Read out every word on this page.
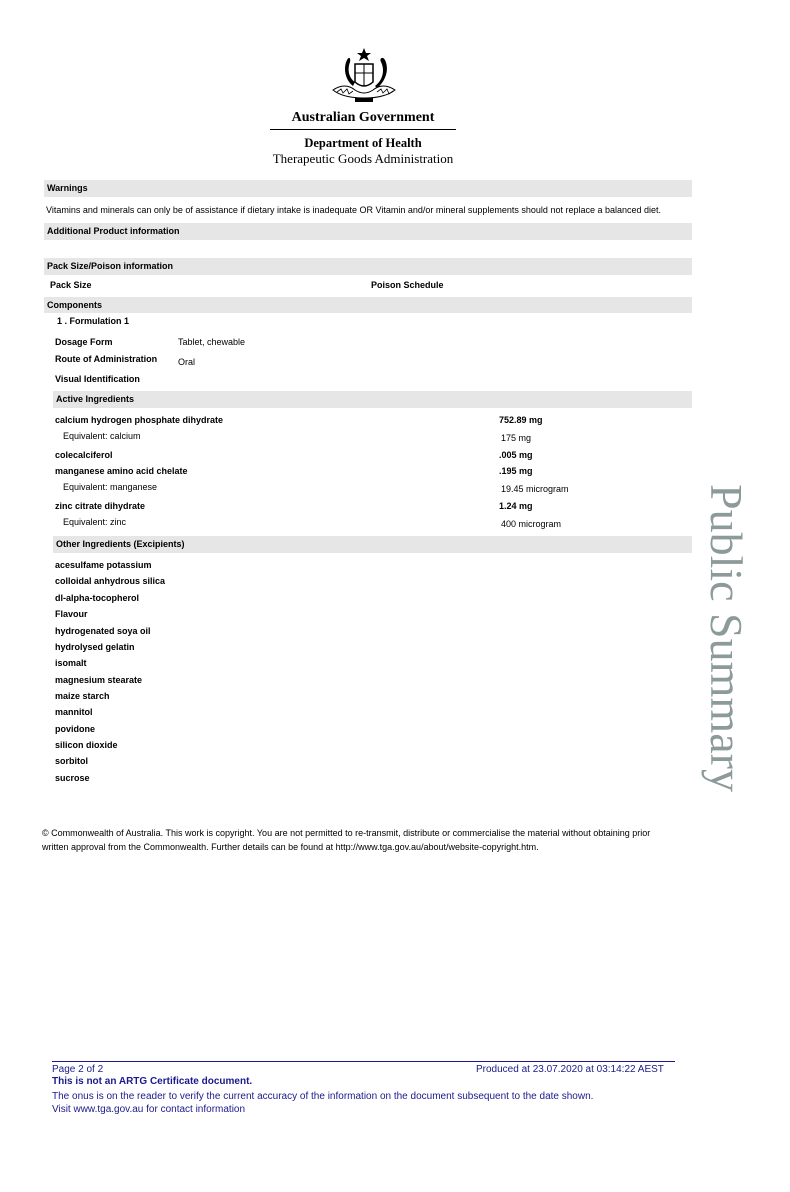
Australian Government
Department of Health
Therapeutic Goods Administration
Warnings
Vitamins and minerals can only be of assistance if dietary intake is inadequate OR Vitamin and/or mineral supplements should not replace a balanced diet.
Additional Product information
Pack Size/Poison information
Pack Size	Poison Schedule
Components
1 . Formulation 1
Dosage Form	Tablet, chewable
Route of Administration Oral
Visual Identification
Active Ingredients
calcium hydrogen phosphate dihydrate	752.89 mg
Equivalent: calcium	175 mg
colecalciferol	.005 mg
manganese amino acid chelate	.195 mg
Equivalent: manganese	19.45 microgram
zinc citrate dihydrate	1.24 mg
Equivalent: zinc	400 microgram
Other Ingredients (Excipients)
acesulfame potassium
colloidal anhydrous silica
dl-alpha-tocopherol
Flavour
hydrogenated soya oil
hydrolysed gelatin
isomalt
magnesium stearate
maize starch
mannitol
povidone
silicon dioxide
sorbitol
sucrose	Public Summary
© Commonwealth of Australia. This work is copyright. You are not permitted to re-transmit, distribute or commercialise the material without obtaining prior
written approval from the Commonwealth. Further details can be found at http://www.tga.gov.au/about/website-copyright.htm.
Page 2 of 2	Produced at 23.07.2020 at 03:14:22 AEST
This is not an ARTG Certificate document.
The onus is on the reader to verify the current accuracy of the information on the document subsequent to the date shown.
Visit www.tga.gov.au for contact information
